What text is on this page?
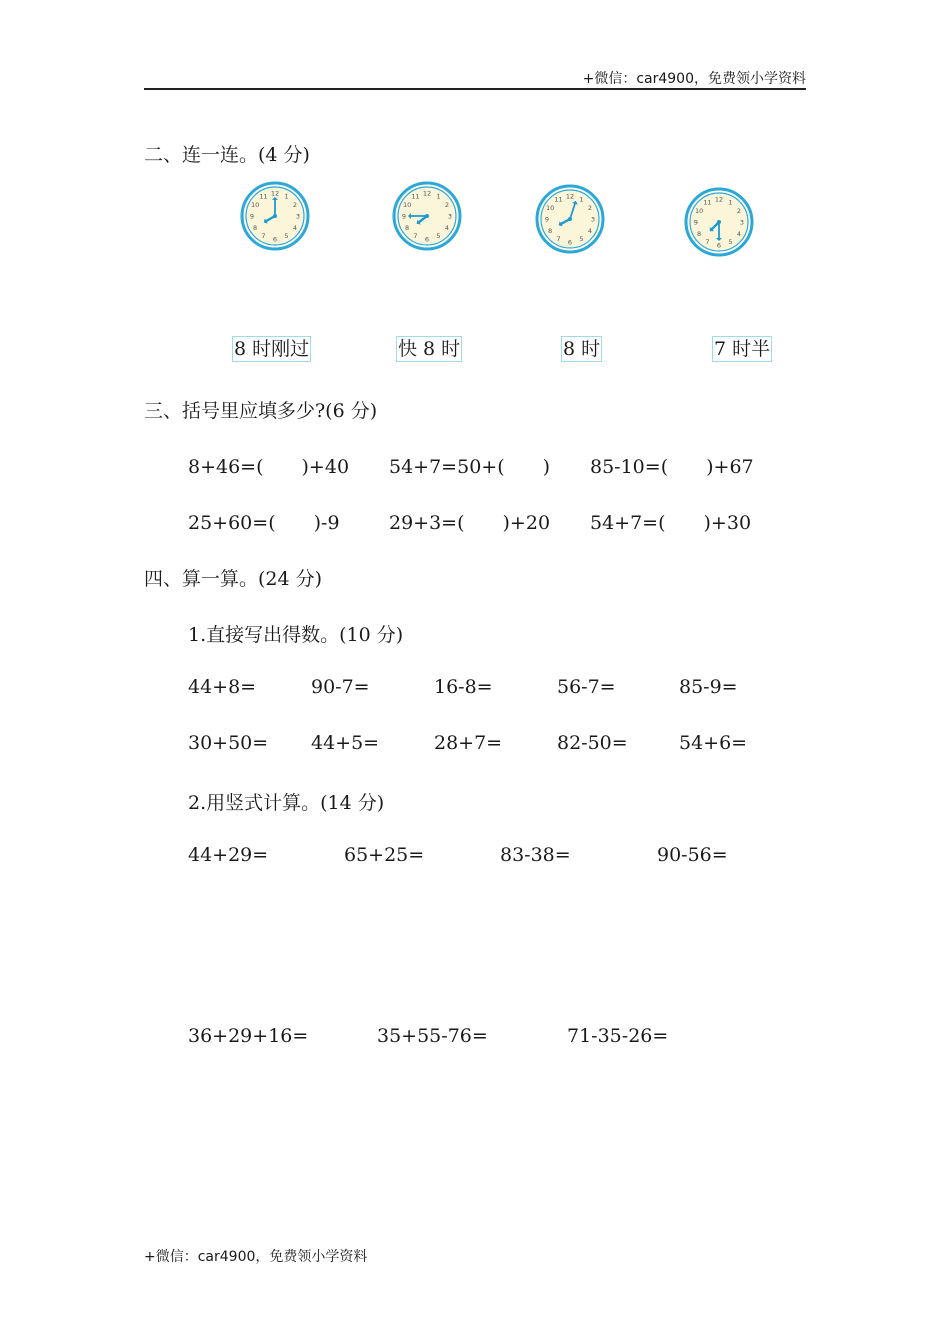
+微信：car4900，免费领小学资料
二、连一连。(4 分)
1
2
3
4
5
6
7
8
9
10
11 12	1
2
3
4
5
6
7
8
9
10
11 12
1
2
3
4
5
6
7
8
9
10
11 12
1
2
3
4
5
6
7
8
9
10
11 12
8 时刚过	快 8 时	8 时	7 时半
三、括号里应填多少?(6 分)
8+46=(　　)+40 54+7=50+(　　) 85-10=(　　)+67
25+60=(　　)-9	29+3=(　　)+20 54+7=(　　)+30
四、算一算。(24 分)
1.直接写出得数。(10 分)
44+8=	90-7=	16-8=	56-7=	85-9=
30+50= 44+5=	28+7=	82-50=	54+6=
2.用竖式计算。(14 分)
44+29=	65+25=	83-38=	90-56=
36+29+16=	35+55-76=	71-35-26=
+微信：car4900，免费领小学资料
